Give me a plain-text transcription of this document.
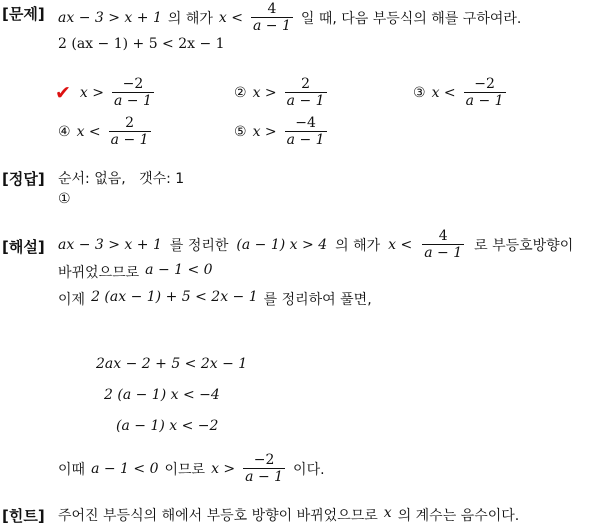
[문제] ax − 3 > x + 1 의 해가 $x < \frac{4}{a - 1}$ 일 때, 다음 부등식의 해를 구하여라.
2 (ax − 1) + 5 < 2x − 1
✔ $x > \frac{-2}{a - 1}$	② $x > \frac{2}{a - 1}$	③ $x < \frac{-2}{a - 1}$
④ $x < \frac{2}{a - 1}$	⑤ $x > \frac{-4}{a - 1}$
[정답] 순서: 없음,   갯수: 1
①
[해설] ax − 3 > x + 1 를 정리한 (a − 1) x > 4 의 해가 $x < \frac{4}{a - 1}$ 로 부등호방향이
바뀌었으므로 a − 1 < 0
이제 2 (ax − 1) + 5 < 2x − 1 를 정리하여 풀면,
2ax − 2 + 5 < 2x − 1
2 (a − 1) x < −4
(a − 1) x < −2
이때 a − 1 < 0 이므로 $x > \frac{-2}{a - 1}$ 이다.
[힌트] 주어진 부등식의 해에서 부등호 방향이 바뀌었으므로 x 의 계수는 음수이다.
